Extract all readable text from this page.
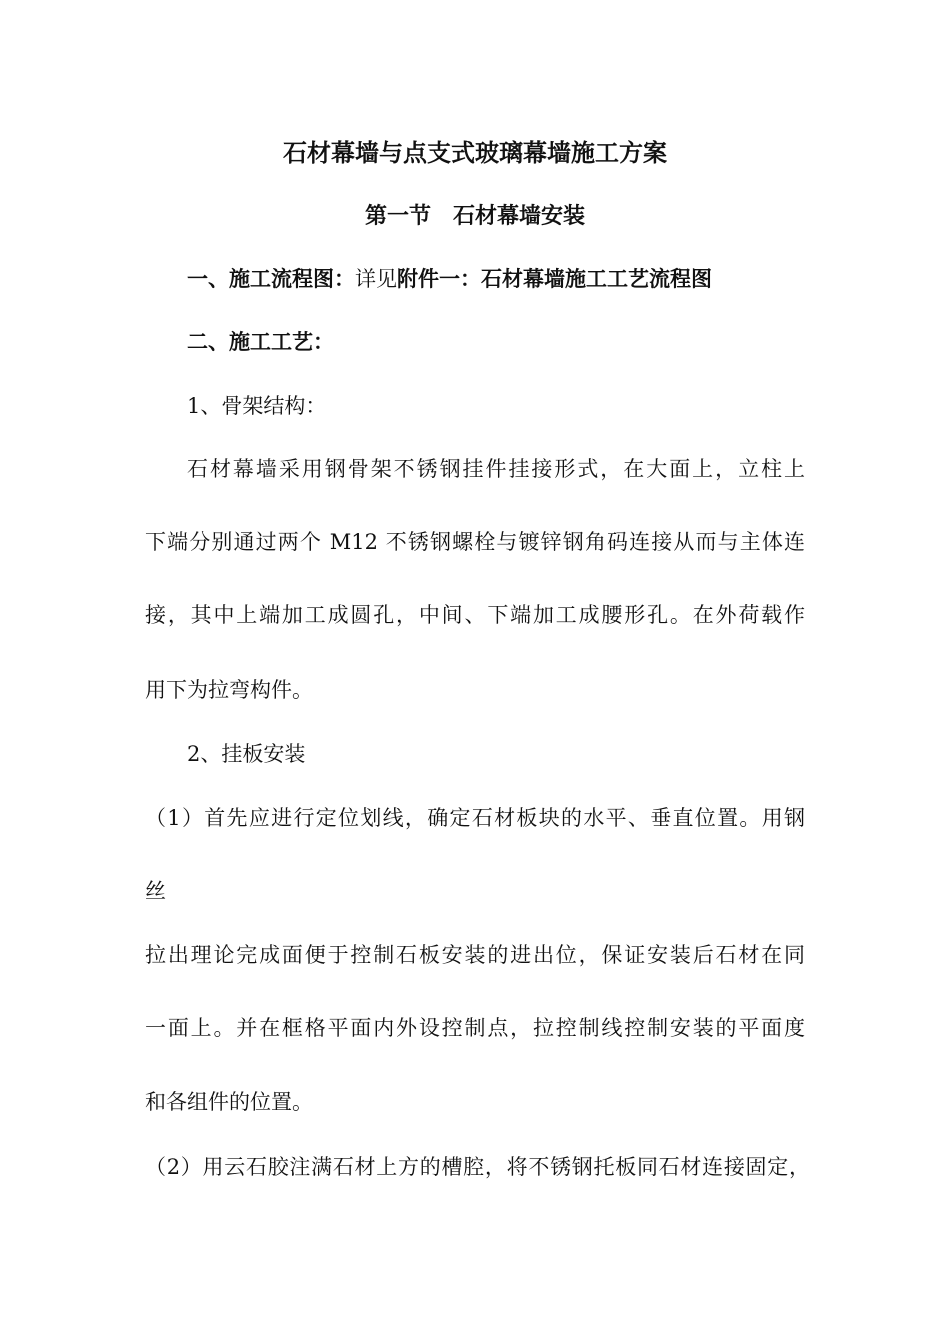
石材幕墙与点支式玻璃幕墙施工方案
第一节　石材幕墙安装
一、施工流程图：详见附件一：石材幕墙施工工艺流程图
二、施工工艺：
1、骨架结构：
石材幕墙采用钢骨架不锈钢挂件挂接形式，在大面上，立柱上
下端分别通过两个 M12 不锈钢螺栓与镀锌钢角码连接从而与主体连
接，其中上端加工成圆孔，中间、下端加工成腰形孔。在外荷载作
用下为拉弯构件。
2、挂板安装
（1）首先应进行定位划线，确定石材板块的水平、垂直位置。用钢
丝
拉出理论完成面便于控制石板安装的进出位，保证安装后石材在同
一面上。并在框格平面内外设控制点，拉控制线控制安装的平面度
和各组件的位置。
（2）用云石胶注满石材上方的槽腔，将不锈钢托板同石材连接固定，
